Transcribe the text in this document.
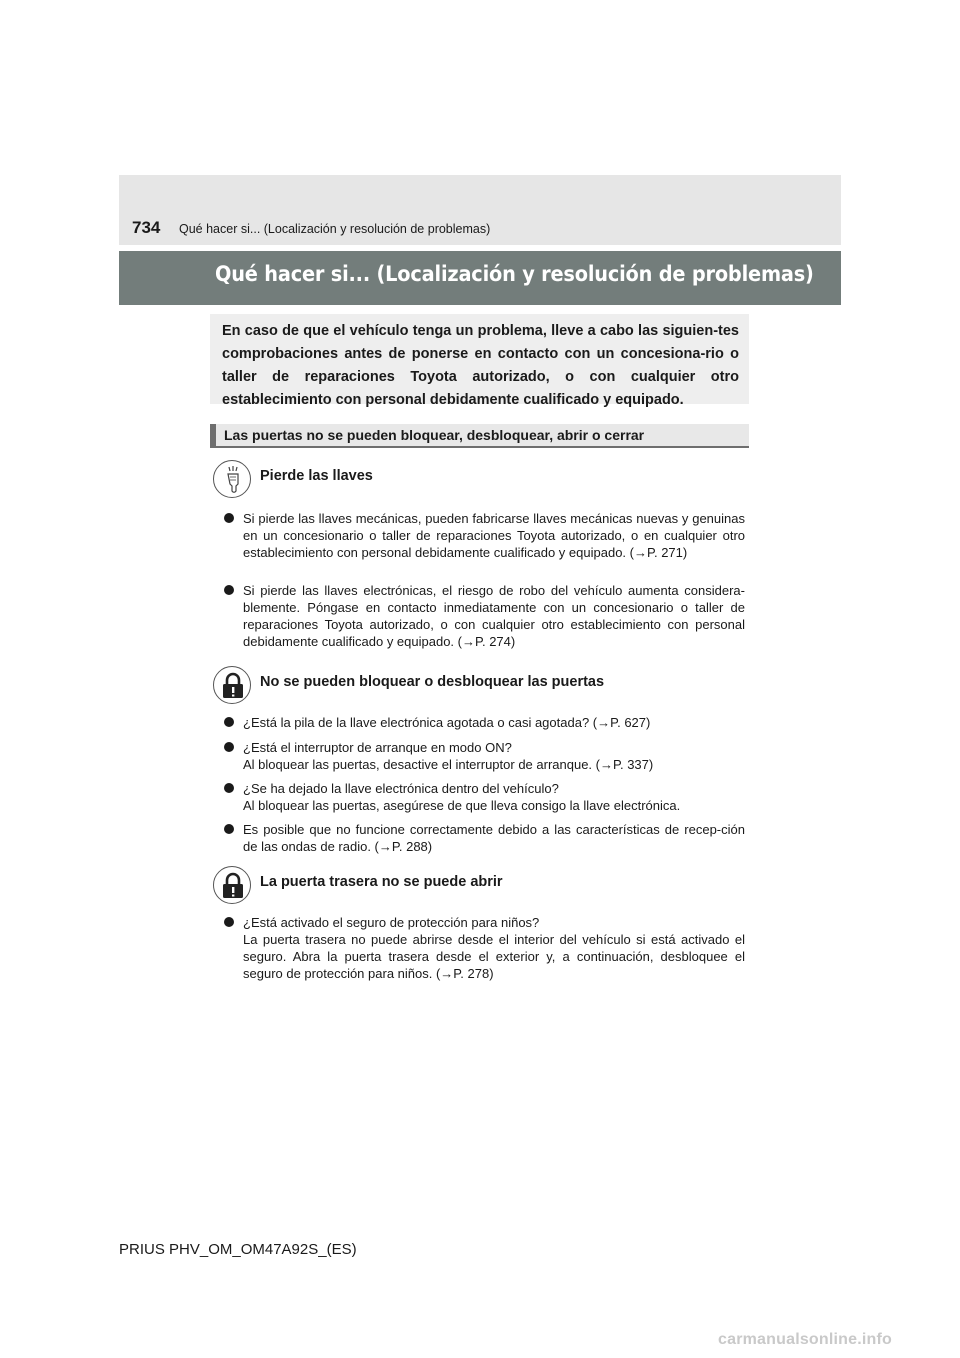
734 Qué hacer si... (Localización y resolución de problemas)
Qué hacer si... (Localización y resolución de problemas)

En caso de que el vehículo tenga un problema, lleve a cabo las siguien-tes comprobaciones antes de ponerse en contacto con un concesiona-rio o taller de reparaciones Toyota autorizado, o con cualquier otro establecimiento con personal debidamente cualificado y equipado.

Las puertas no se pueden bloquear, desbloquear, abrir o cerrar
Pierde las llaves
Si pierde las llaves mecánicas, pueden fabricarse llaves mecánicas nuevas y genuinas en un concesionario o taller de reparaciones Toyota autorizado, o en cualquier otro establecimiento con personal debidamente cualificado y equipado. (→P. 271)
Si pierde las llaves electrónicas, el riesgo de robo del vehículo aumenta considera-blemente. Póngase en contacto inmediatamente con un concesionario o taller de reparaciones Toyota autorizado, o con cualquier otro establecimiento con personal debidamente cualificado y equipado. (→P. 274)
No se pueden bloquear o desbloquear las puertas
¿Está la pila de la llave electrónica agotada o casi agotada? (→P. 627)
¿Está el interruptor de arranque en modo ON?
Al bloquear las puertas, desactive el interruptor de arranque. (→P. 337)
¿Se ha dejado la llave electrónica dentro del vehículo?
Al bloquear las puertas, asegúrese de que lleva consigo la llave electrónica.
Es posible que no funcione correctamente debido a las características de recep-ción de las ondas de radio. (→P. 288)
La puerta trasera no se puede abrir
¿Está activado el seguro de protección para niños?
La puerta trasera no puede abrirse desde el interior del vehículo si está activado el seguro. Abra la puerta trasera desde el exterior y, a continuación, desbloquee el seguro de protección para niños. (→P. 278)
PRIUS PHV_OM_OM47A92S_(ES)
carmanualsonline.info
